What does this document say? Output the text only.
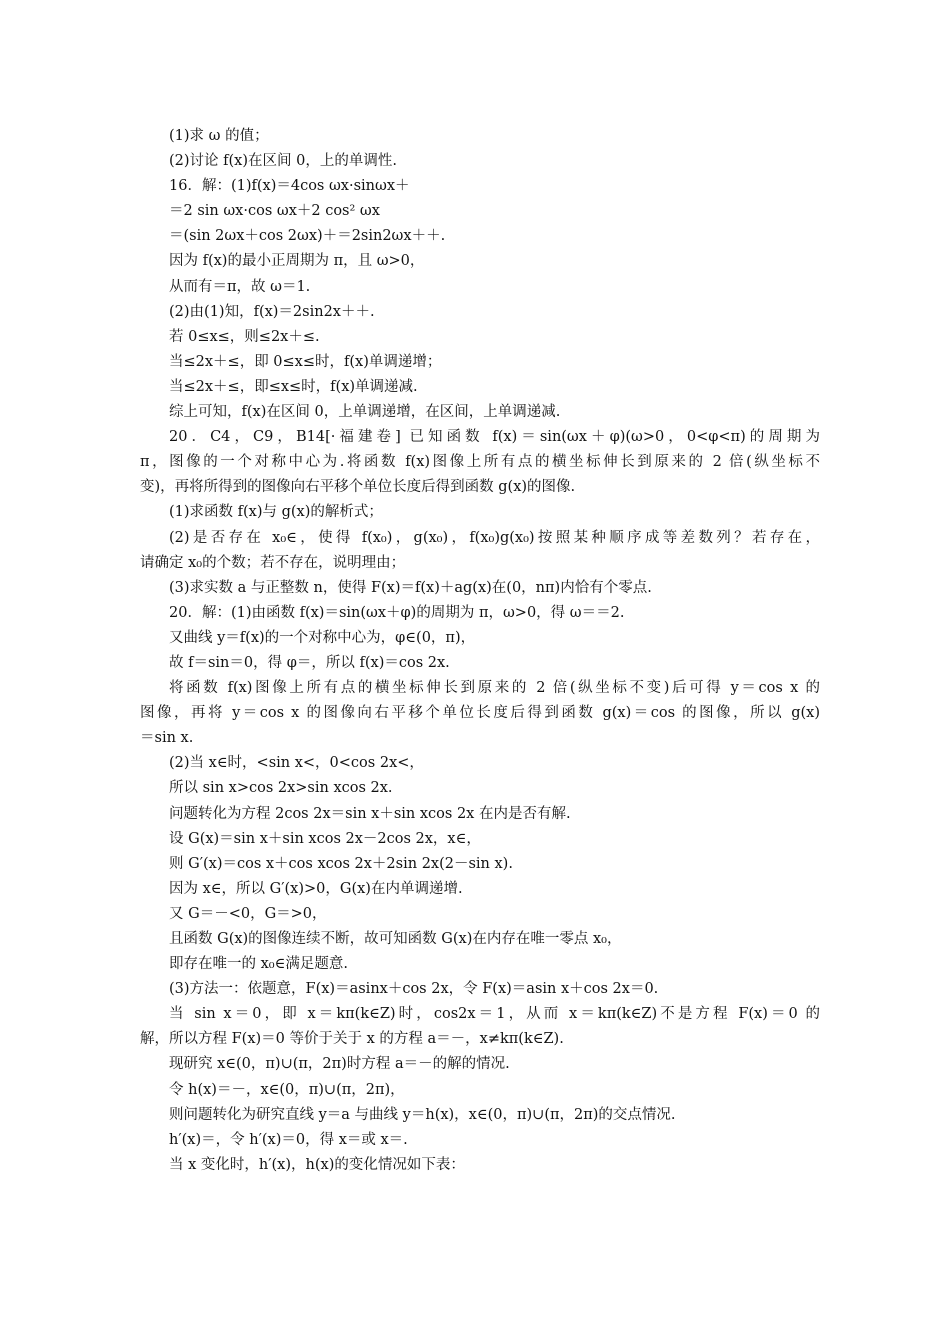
(1)求 ω 的值；
(2)讨论 f(x)在区间 0，上的单调性.
16．解：(1)f(x)＝4cos ωx·sinωx＋
＝2 sin ωx·cos ωx＋2 cos² ωx
＝(sin 2ωx＋cos 2ωx)＋＝2sin2ωx＋＋.
因为 f(x)的最小正周期为 π，且 ω>0，
从而有＝π，故 ω＝1.
(2)由(1)知，f(x)＝2sin2x＋＋.
若 0≤x≤，则≤2x＋≤.
当≤2x＋≤，即 0≤x≤时，f(x)单调递增；
当≤2x＋≤，即≤x≤时，f(x)单调递减.
综上可知，f(x)在区间 0，上单调递增，在区间，上单调递减.
20．C4，C9，B14[·福建卷] 已知函数 f(x)＝sin(ωx＋φ)(ω>0，0<φ<π)的周期为
π，图像的一个对称中心为.将函数 f(x)图像上所有点的横坐标伸长到原来的 2 倍(纵坐标不
变)，再将所得到的图像向右平移个单位长度后得到函数 g(x)的图像.
(1)求函数 f(x)与 g(x)的解析式；
(2)是否存在 x₀∈，使得 f(x₀)，g(x₀)，f(x₀)g(x₀)按照某种顺序成等差数列？若存在，
请确定 x₀的个数；若不存在，说明理由；
(3)求实数 a 与正整数 n，使得 F(x)＝f(x)＋ag(x)在(0，nπ)内恰有个零点.
20．解：(1)由函数 f(x)＝sin(ωx＋φ)的周期为 π，ω>0，得 ω＝＝2.
又曲线 y＝f(x)的一个对称中心为，φ∈(0，π)，
故 f＝sin＝0，得 φ＝，所以 f(x)＝cos 2x.
将函数 f(x)图像上所有点的横坐标伸长到原来的 2 倍(纵坐标不变)后可得 y＝cos x 的
图像，再将 y＝cos x 的图像向右平移个单位长度后得到函数 g(x)＝cos 的图像，所以 g(x)
＝sin x.
(2)当 x∈时，<sin x<，0<cos 2x<，
所以 sin x>cos 2x>sin xcos 2x.
问题转化为方程 2cos 2x＝sin x＋sin xcos 2x 在内是否有解.
设 G(x)＝sin x＋sin xcos 2x－2cos 2x，x∈，
则 G′(x)＝cos x＋cos xcos 2x＋2sin 2x(2－sin x).
因为 x∈，所以 G′(x)>0，G(x)在内单调递增.
又 G＝－<0，G＝>0，
且函数 G(x)的图像连续不断，故可知函数 G(x)在内存在唯一零点 x₀，
即存在唯一的 x₀∈满足题意.
(3)方法一：依题意，F(x)＝asinx＋cos 2x，令 F(x)＝asin x＋cos 2x＝0.
当 sin x＝0，即 x＝kπ(k∈Z)时，cos2x＝1，从而 x＝kπ(k∈Z)不是方程 F(x)＝0 的
解，所以方程 F(x)＝0 等价于关于 x 的方程 a＝－，x≠kπ(k∈Z).
现研究 x∈(0，π)∪(π，2π)时方程 a＝－的解的情况.
令 h(x)＝－，x∈(0，π)∪(π，2π)，
则问题转化为研究直线 y＝a 与曲线 y＝h(x)，x∈(0，π)∪(π，2π)的交点情况.
h′(x)＝，令 h′(x)＝0，得 x＝或 x＝.
当 x 变化时，h′(x)，h(x)的变化情况如下表：
